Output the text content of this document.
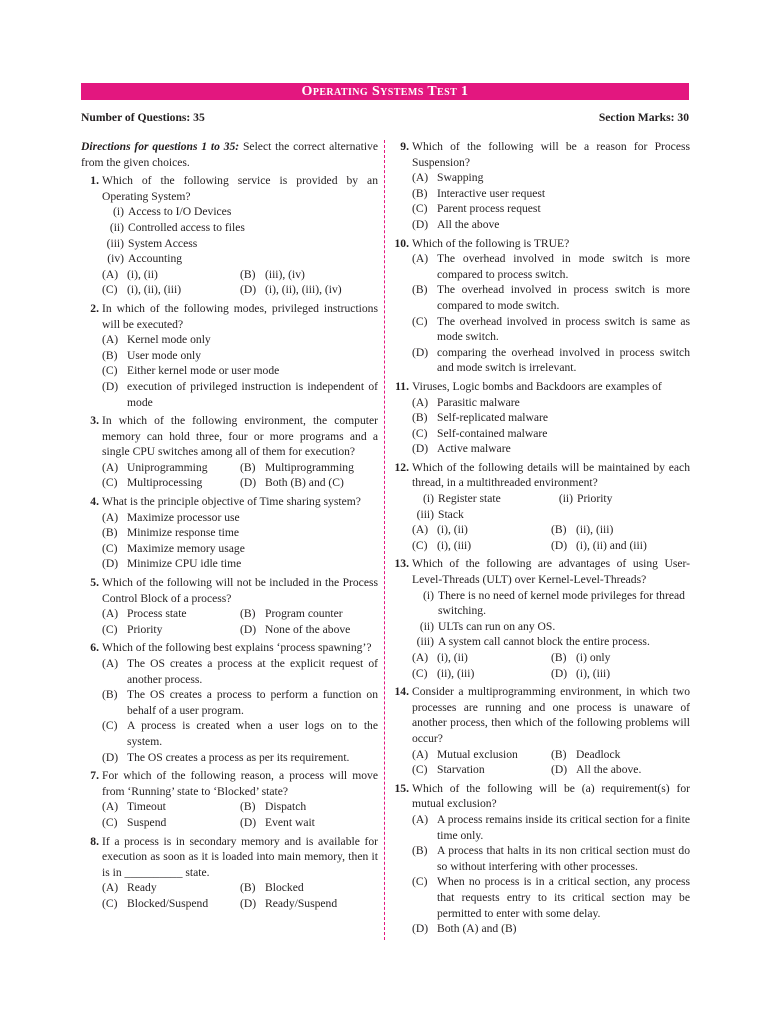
Operating Systems Test 1
Number of Questions: 35	Section Marks: 30

Directions for questions 1 to 35: Select the correct alternative from the given choices.

1. Which of the following service is provided by an Operating System?
(i) Access to I/O Devices
(ii) Controlled access to files
(iii) System Access
(iv) Accounting
(A) (i), (ii)	(B) (iii), (iv)
(C) (i), (ii), (iii)	(D) (i), (ii), (iii), (iv)
2. In which of the following modes, privileged instructions will be executed?
(A) Kernel mode only
(B) User mode only
(C) Either kernel mode or user mode
(D) execution of privileged instruction is independent of mode
3. In which of the following environment, the computer memory can hold three, four or more programs and a single CPU switches among all of them for execution?
(A) Uniprogramming	(B) Multiprogramming
(C) Multiprocessing	(D) Both (B) and (C)
4. What is the principle objective of Time sharing system?
(A) Maximize processor use
(B) Minimize response time
(C) Maximize memory usage
(D) Minimize CPU idle time
5. Which of the following will not be included in the Process Control Block of a process?
(A) Process state	(B) Program counter
(C) Priority	(D) None of the above
6. Which of the following best explains ‘process spawning’?
(A) The OS creates a process at the explicit request of another process.
(B) The OS creates a process to perform a function on behalf of a user program.
(C) A process is created when a user logs on to the system.
(D) The OS creates a process as per its requirement.
7. For which of the following reason, a process will move from ‘Running’ state to ‘Blocked’ state?
(A) Timeout	(B) Dispatch
(C) Suspend	(D) Event wait
8. If a process is in secondary memory and is available for execution as soon as it is loaded into main memory, then it is in __________ state.
(A) Ready	(B) Blocked
(C) Blocked/Suspend	(D) Ready/Suspend
9. Which of the following will be a reason for Process Suspension?
(A) Swapping
(B) Interactive user request
(C) Parent process request
(D) All the above
10. Which of the following is TRUE?
(A) The overhead involved in mode switch is more compared to process switch.
(B) The overhead involved in process switch is more compared to mode switch.
(C) The overhead involved in process switch is same as mode switch.
(D) comparing the overhead involved in process switch and mode switch is irrelevant.
11. Viruses, Logic bombs and Backdoors are examples of
(A) Parasitic malware
(B) Self-replicated malware
(C) Self-contained malware
(D) Active malware
12. Which of the following details will be maintained by each thread, in a multithreaded environment?
(i) Register state	(ii) Priority
(iii) Stack
(A) (i), (ii)	(B) (ii), (iii)
(C) (i), (iii)	(D) (i), (ii) and (iii)
13. Which of the following are advantages of using User-Level-Threads (ULT) over Kernel-Level-Threads?
(i) There is no need of kernel mode privileges for thread switching.
(ii) ULTs can run on any OS.
(iii) A system call cannot block the entire process.
(A) (i), (ii)	(B) (i) only
(C) (ii), (iii)	(D) (i), (iii)
14. Consider a multiprogramming environment, in which two processes are running and one process is unaware of another process, then which of the following problems will occur?
(A) Mutual exclusion	(B) Deadlock
(C) Starvation	(D) All the above.
15. Which of the following will be (a) requirement(s) for mutual exclusion?
(A) A process remains inside its critical section for a finite time only.
(B) A process that halts in its non critical section must do so without interfering with other processes.
(C) When no process is in a critical section, any process that requests entry to its critical section may be permitted to enter with some delay.
(D) Both (A) and (B)
